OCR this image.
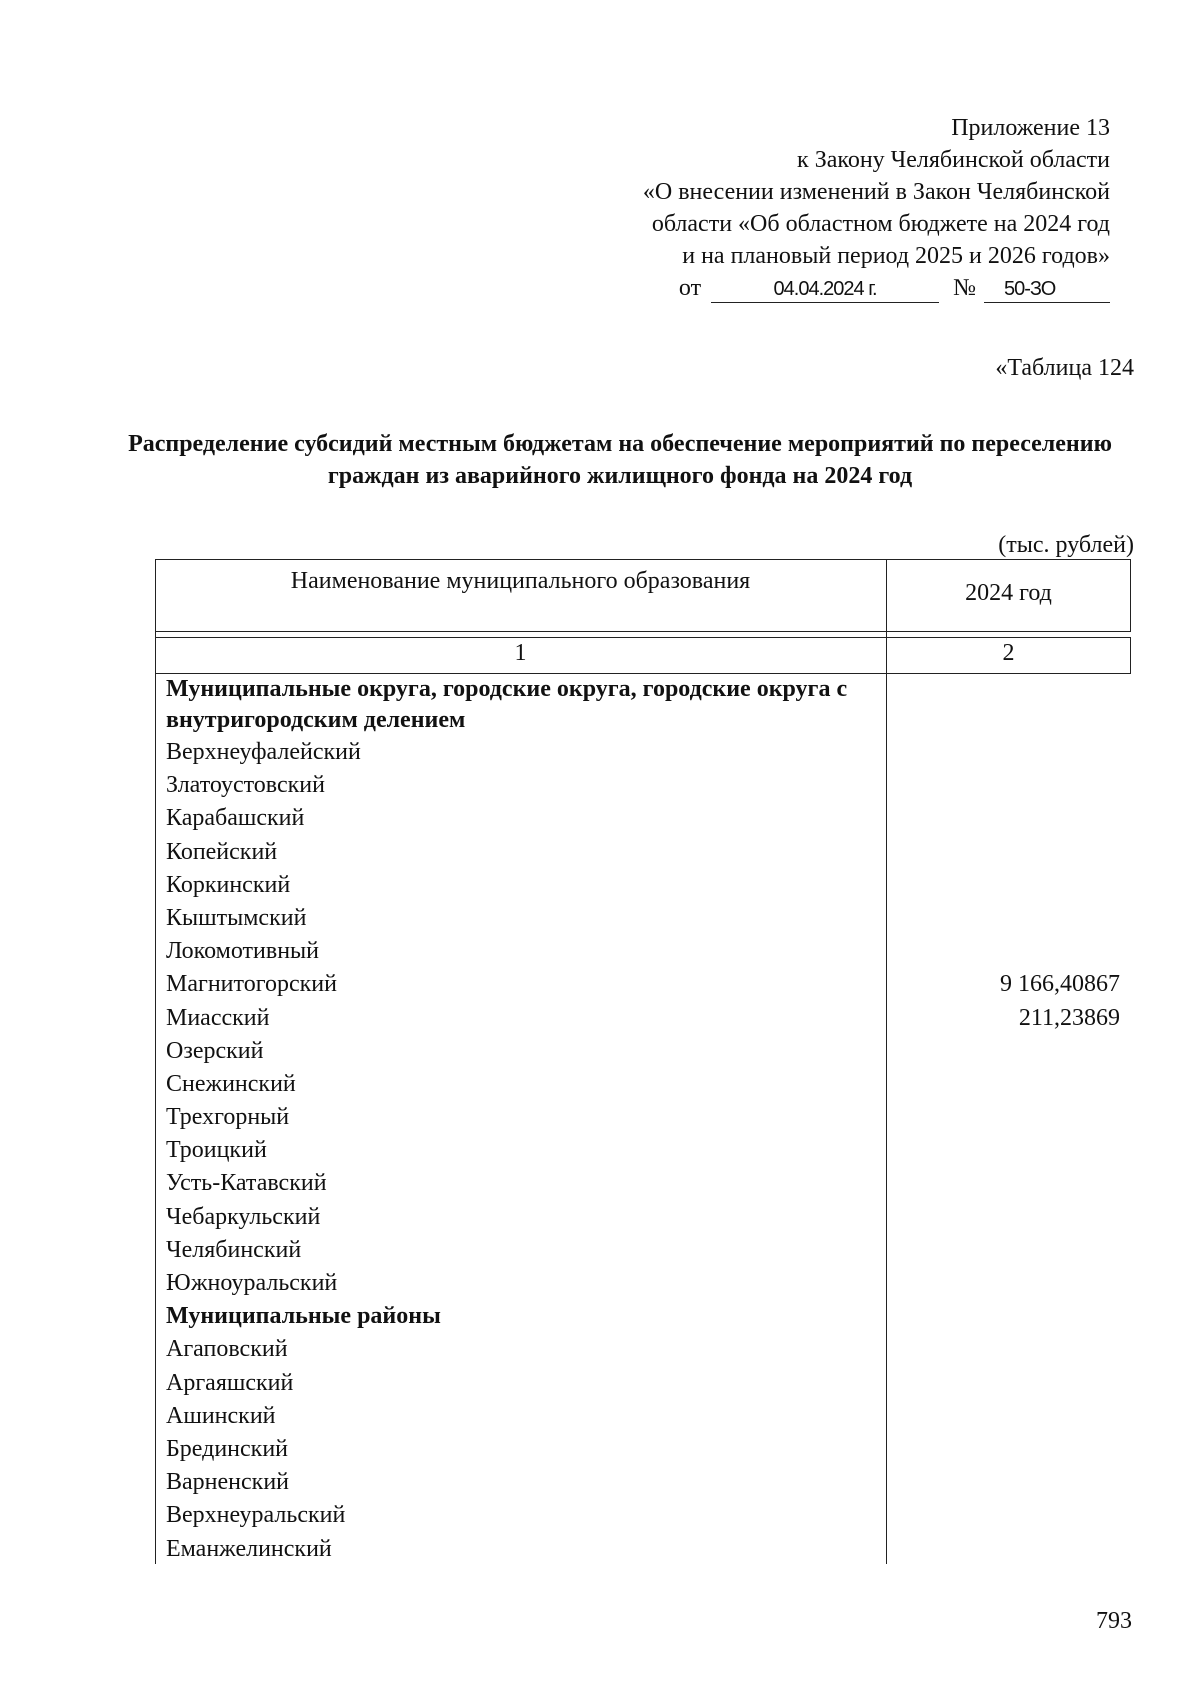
Приложение 13
к Закону Челябинской области
«О внесении изменений в Закон Челябинской
области «Об областном бюджете на 2024 год
и на плановый период 2025 и 2026 годов»
от	04.04.2024 г.	№	50-ЗО
«Таблица 124
Распределение субсидий местным бюджетам на обеспечение мероприятий по переселению граждан из аварийного жилищного фонда на 2024 год
(тыс. рублей)
Наименование муниципального образования	2024 год
1	2
Муниципальные округа, городские округа, городские округа с внутригородским делением
Верхнеуфалейский
Златоустовский
Карабашский
Копейский
Коркинский
Кыштымский
Локомотивный
Магнитогорский	9 166,40867
Миасский	211,23869
Озерский
Снежинский
Трехгорный
Троицкий
Усть-Катавский
Чебаркульский
Челябинский
Южноуральский
Муниципальные районы
Агаповский
Аргаяшский
Ашинский
Брединский
Варненский
Верхнеуральский
Еманжелинский
793
